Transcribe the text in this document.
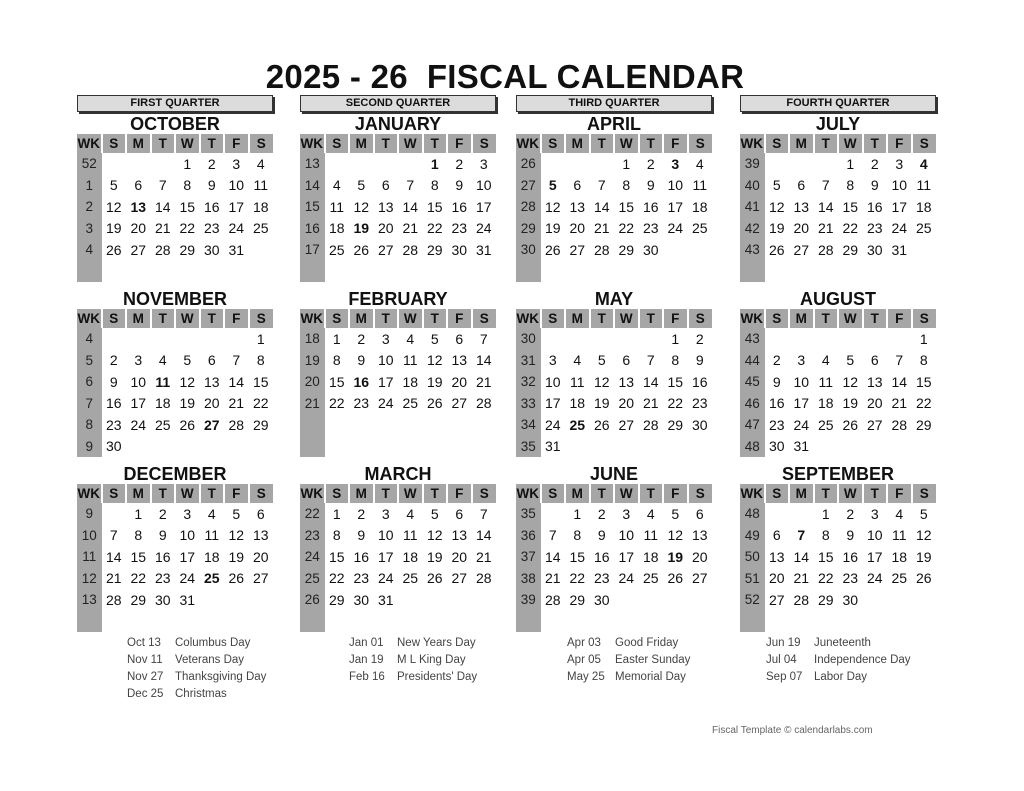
2025 - 26  FISCAL CALENDAR
FIRST QUARTER
OCTOBER
WK	S	M	T	W	T	F	S
52				1	2	3	4
1	5	6	7	8	9	10	11
2	12	13	14	15	16	17	18
3	19	20	21	22	23	24	25
4	26	27	28	29	30	31	

NOVEMBER
WK	S	M	T	W	T	F	S
4							1
5	2	3	4	5	6	7	8
6	9	10	11	12	13	14	15
7	16	17	18	19	20	21	22
8	23	24	25	26	27	28	29
9	30						
DECEMBER
WK	S	M	T	W	T	F	S
9		1	2	3	4	5	6
10	7	8	9	10	11	12	13
11	14	15	16	17	18	19	20
12	21	22	23	24	25	26	27
13	28	29	30	31			

SECOND QUARTER
JANUARY
WK	S	M	T	W	T	F	S
13					1	2	3
14	4	5	6	7	8	9	10
15	11	12	13	14	15	16	17
16	18	19	20	21	22	23	24
17	25	26	27	28	29	30	31

FEBRUARY
WK	S	M	T	W	T	F	S
18	1	2	3	4	5	6	7
19	8	9	10	11	12	13	14
20	15	16	17	18	19	20	21
21	22	23	24	25	26	27	28

MARCH
WK	S	M	T	W	T	F	S
22	1	2	3	4	5	6	7
23	8	9	10	11	12	13	14
24	15	16	17	18	19	20	21
25	22	23	24	25	26	27	28
26	29	30	31				

THIRD QUARTER
APRIL
WK	S	M	T	W	T	F	S
26				1	2	3	4
27	5	6	7	8	9	10	11
28	12	13	14	15	16	17	18
29	19	20	21	22	23	24	25
30	26	27	28	29	30		

MAY
WK	S	M	T	W	T	F	S
30						1	2
31	3	4	5	6	7	8	9
32	10	11	12	13	14	15	16
33	17	18	19	20	21	22	23
34	24	25	26	27	28	29	30
35	31						
JUNE
WK	S	M	T	W	T	F	S
35		1	2	3	4	5	6
36	7	8	9	10	11	12	13
37	14	15	16	17	18	19	20
38	21	22	23	24	25	26	27
39	28	29	30				

FOURTH QUARTER
JULY
WK	S	M	T	W	T	F	S
39				1	2	3	4
40	5	6	7	8	9	10	11
41	12	13	14	15	16	17	18
42	19	20	21	22	23	24	25
43	26	27	28	29	30	31	

AUGUST
WK	S	M	T	W	T	F	S
43							1
44	2	3	4	5	6	7	8
45	9	10	11	12	13	14	15
46	16	17	18	19	20	21	22
47	23	24	25	26	27	28	29
48	30	31					
SEPTEMBER
WK	S	M	T	W	T	F	S
48			1	2	3	4	5
49	6	7	8	9	10	11	12
50	13	14	15	16	17	18	19
51	20	21	22	23	24	25	26
52	27	28	29	30			

Oct 13 Columbus Day
Nov 11 Veterans Day
Nov 27 Thanksgiving Day
Dec 25 Christmas
Jan 01 New Years Day
Jan 19 M L King Day
Feb 16 Presidents' Day
Apr 03 Good Friday
Apr 05 Easter Sunday
May 25 Memorial Day
Jun 19 Juneteenth
Jul 04 Independence Day
Sep 07 Labor Day
Fiscal Template © calendarlabs.com
